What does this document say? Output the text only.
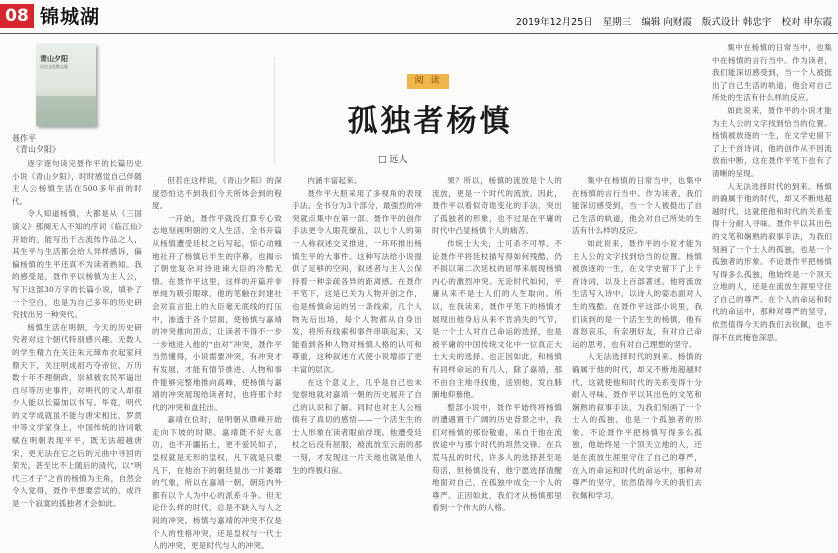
08 锦城湖	2019年12月25日 星期三 编辑 向财霞 版式设计 韩忠宇 校对 申东霞
青山夕阳
历史文化散文集
聂作平
《青山夕阳》
阅 读
孤独者杨慎
□ 远人

逐字逐句读完聂作平的长篇历史小说《青山夕阳》，时时感觉自己伴随主人公杨慎生活在500多年前的时代。

令人知道杨慎，大都是从《三国演义》那阕无人不知的序词《临江仙》开始的。能写出千古流传作品之人，其生平与生活都会给人异样感诉，偏偏杨慎的生平还真不为读者熟知。我的感受是，聂作平以杨慎为主人公，写下这部30万字的长篇小说，填补了一个空白，也是为自己多年的历史研究找出另一种突代。

杨慎生活在明朝，今天的历史研究者对这个朝代特别感兴趣。无数人的学生精力在关注朱元璋布衣起家问鼎天下，关注明成祖巧夺帝位，万历数十年不理朝政，崇祯被农民军逼出自尽等历史事件，对明代的文人却很少人能以长篇加以书写。毕竟，明代的文学成就虽不能与唐宋相比，罗贯中等文学家身上，中国传统的诗词歌赋在明朝表现平平，既无法超越唐宋，更无法在它之后的元曲中寻回的荣光，甚至比不上随后的清代，以“明代三才子”之首的杨慎为主角，自然会令人觉得，聂作平想要尝试的，或许是一个寂寞的孤独者才会如此。

但若在这样说，《青山夕阳》的深度恐怕达不到我们今天所体会到的程度。

一开始，聂作平就没打算专心致志地刻画明朝的文人生活。全书开篇从杨慎遭受廷杖之后写起，惊心动魄地社开了杨慎后半生的序幕，也揭示了朝堂复杂对待进谏大臣的冷酷无情。在聂作平这里，这样的开篇并非单纯为吸引眼球，他的笔触在封建社会对直言犯上的大臣毫无底线的打压中，渗透于各个层面，使杨慎与嘉靖的冲突推向顶点，让读者不得不一步一步地进入他的“由对”冲突，聂作平当然懂得，小说需要冲突，有冲突才有发展，才能有情节推进、人物和事件能够完整地推向高峰，使杨慎与嘉靖的冲突展现给读者时，也将那个时代的冲突和盘托出。

嘉靖在位时，是明朝从鼎峰开始走向下坡的时期。嘉靖既不好大喜功，也不开疆拓土，更不爱民如子，皇权就是无形的皇权，凡下就是只要凡下，在他治下的朝廷显出一片萎靡的气象，所以在嘉靖一朝，朝廷内外都有以个人为中心的派系斗争。但无论什么样的时代，总是不缺入与人之间的冲突。杨慎与嘉靖的冲突不仅是个人的性格冲突，还是皇权与一代士人的冲突，更是时代与人的冲突。

内涵丰富起来。

聂作平大胆采用了多视角的表现手法。全书分为3个部分，最强烈的冲突就点集中在第一部。聂作平的创作手法更令人眼花缭乱，以七个人的第一人称叙述交叉推进，一环环推出杨慎生平的大事件。这种写法给小说提供了足够的空间，叙述者与主人公保持着一种亲疏各异的距离感。在聂作平笔下，这是已关为人物开创之作，也是杨慎命运的另一条线索，几个人物先后出场，每个人物都从自身出发，将所有线索和事件串联起来，又能看到各种人物对杨慎人格的认可和尊重，这种叙述方式使小说增添了更丰富的层次。

在这个意义上，几乎是自己也未觉察地就对嘉靖一朝的历史展开了自己的认识和了解。同时也对主人公杨慎有了真切的感悟——一个活生生的士人形象在读者眼前浮现。他遭受廷杖之后没有屈服，被流放至云南的那一刻，才发现这一片天地也就是他人生的终极归宿。

果？所以，杨慎的流放是个人的流放，更是一个时代的流放。因此，聂作平以看似奇诡变化的手法，突出了孤独者的形象，也不过是在平庸的时代中凸显杨慎个人的痛苦。

传统士大夫，士可杀不可辱。不论聂作平将廷杖描写得如何残酷，仍不损以第二次廷杖的屈辱来展现杨慎内心的激烈冲突。无论时代如何，平庸从来不是士人们的人生取向。所以，在我读来，聂作平笔下的杨慎才展现出他身后从来不肯消失的气节，是一个士人对自己命运的选择，也是被平庸的中国传统文化中一位真正大士大夫的选择。也正因如此，和杨慎有同样命运的有几人，除了嘉靖，那不由自主地寻找他，送别他，发自肺腑地仰慕他。

整部小说中，聂作平始终将杨慎的遭遇置于广阔的历史背景之中，我们对杨慎的那份敬重，来自于他在流放途中与那个时代的坦然交锋。在兵荒马乱的时代，许多人的选择甚至是苟活，但杨慎没有，他宁愿选择清醒地面对自己，在孤独中成全一个人的尊严。正因如此，我们才从杨慎那里看到一个伟大的人格。

集中在杨慎的日常当中，也集中在杨慎的言行当中。作为读者，我们能深切感受到，当一个人被挺出了自己生活的轨道，他会对自己所处的生活有什么样的反应。

如此说来，聂作平的小说才能为主人公的文字找到恰当的位置。杨慎被放逐的一生，在文学史留下了上千首诗词，以及上百部著述。他将流放生活写入诗中，以诗人的姿态面对人生的残酷。在聂作平这部小说里，我们读到的是一个活生生的杨慎，他有喜怒哀乐，有亲朋好友，有对自己命运的思考，也有对自己理想的坚守。

人无法选择时代的到来。杨慎的确属于他的时代，却又不断地超越时代，这就使他和时代的关系变得十分耐人寻味。聂作平以其出色的文笔和娴熟的叙事手法，为我们刻画了一个士人的孤独，也是一个孤独者的形象。不论聂作平把杨慎写得多么孤独，他始终是一个顶天立地的人，还是在流放生涯里守住了自己的尊严，在入的命运和时代的命运中，那种对尊严的坚守，依然值得今天的我们去钦佩和学习。

集中在杨慎的日常当中，也集中在杨慎的言行当中。作为读者，我们能深切感受到，当一个人被挺出了自己生活的轨道，他会对自己所处的生活有什么样的反应。

如此说来，聂作平的小说才能为主人公的文字找到恰当的位置。杨慎被放逐的一生，在文学史留下了上千首诗词，他的创作从不因流放而中断，这在聂作平笔下也有了清晰的呈现。

人无法选择时代的到来。杨慎的确属于他的时代，却又不断地超越时代，这就使他和时代的关系变得十分耐人寻味。聂作平以其出色的文笔和娴熟的叙事手法，为我们刻画了一个士人的孤独，也是一个孤独者的形象。不论聂作平把杨慎写得多么孤独，他始终是一个顶天立地的人，还是在流放生涯里守住了自己的尊严。在个人的命运和时代的命运中，那种对尊严的坚守，依然值得今天的我们去钦佩，也不得不在此掩卷深思。
